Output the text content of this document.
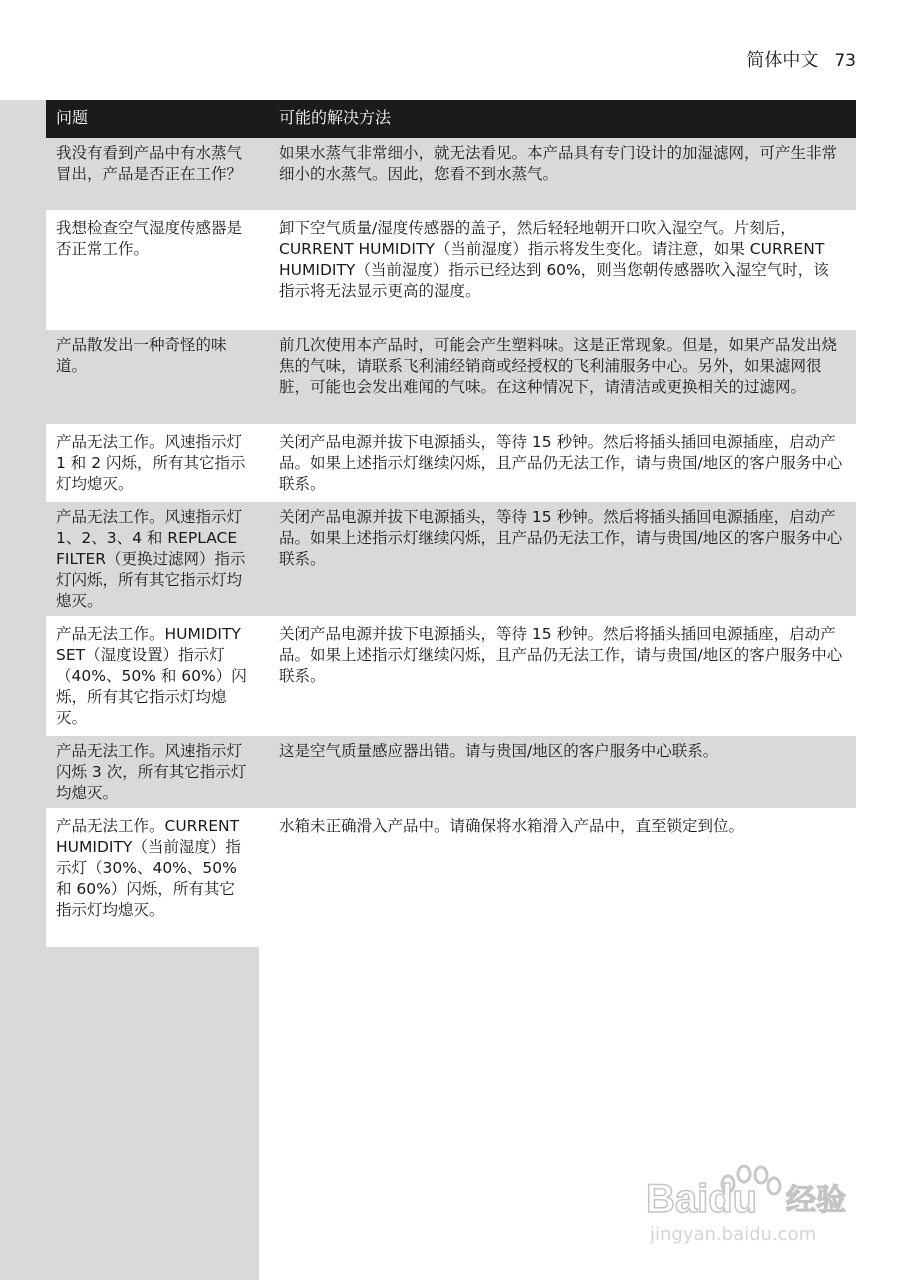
简体中文 73
问题	可能的解决方法
我没有看到产品中有水蒸气冒出，产品是否正在工作？
如果水蒸气非常细小，就无法看见。本产品具有专门设计的加湿滤网，可产生非常细小的水蒸气。因此，您看不到水蒸气。
我想检查空气湿度传感器是否正常工作。
卸下空气质量/湿度传感器的盖子，然后轻轻地朝开口吹入湿空气。片刻后，CURRENT HUMIDITY（当前湿度）指示将发生变化。请注意，如果 CURRENT HUMIDITY（当前湿度）指示已经达到 60%，则当您朝传感器吹入湿空气时，该指示将无法显示更高的湿度。
产品散发出一种奇怪的味道。
前几次使用本产品时，可能会产生塑料味。这是正常现象。但是，如果产品发出烧焦的气味，请联系飞利浦经销商或经授权的飞利浦服务中心。另外，如果滤网很脏，可能也会发出难闻的气味。在这种情况下，请清洁或更换相关的过滤网。
产品无法工作。风速指示灯 1 和 2 闪烁，所有其它指示灯均熄灭。
关闭产品电源并拔下电源插头，等待 15 秒钟。然后将插头插回电源插座，启动产品。如果上述指示灯继续闪烁，且产品仍无法工作，请与贵国/地区的客户服务中心联系。
产品无法工作。风速指示灯 1、2、3、4 和 REPLACE FILTER（更换过滤网）指示灯闪烁，所有其它指示灯均熄灭。
关闭产品电源并拔下电源插头，等待 15 秒钟。然后将插头插回电源插座，启动产品。如果上述指示灯继续闪烁，且产品仍无法工作，请与贵国/地区的客户服务中心联系。
产品无法工作。HUMIDITY SET（湿度设置）指示灯（40%、50% 和 60%）闪烁，所有其它指示灯均熄灭。
关闭产品电源并拔下电源插头，等待 15 秒钟。然后将插头插回电源插座，启动产品。如果上述指示灯继续闪烁，且产品仍无法工作，请与贵国/地区的客户服务中心联系。
产品无法工作。风速指示灯闪烁 3 次，所有其它指示灯均熄灭。
这是空气质量感应器出错。请与贵国/地区的客户服务中心联系。
产品无法工作。CURRENT HUMIDITY（当前湿度）指示灯（30%、40%、50% 和 60%）闪烁，所有其它指示灯均熄灭。
水箱未正确滑入产品中。请确保将水箱滑入产品中，直至锁定到位。
Baidu 经验
jingyan.baidu.com
